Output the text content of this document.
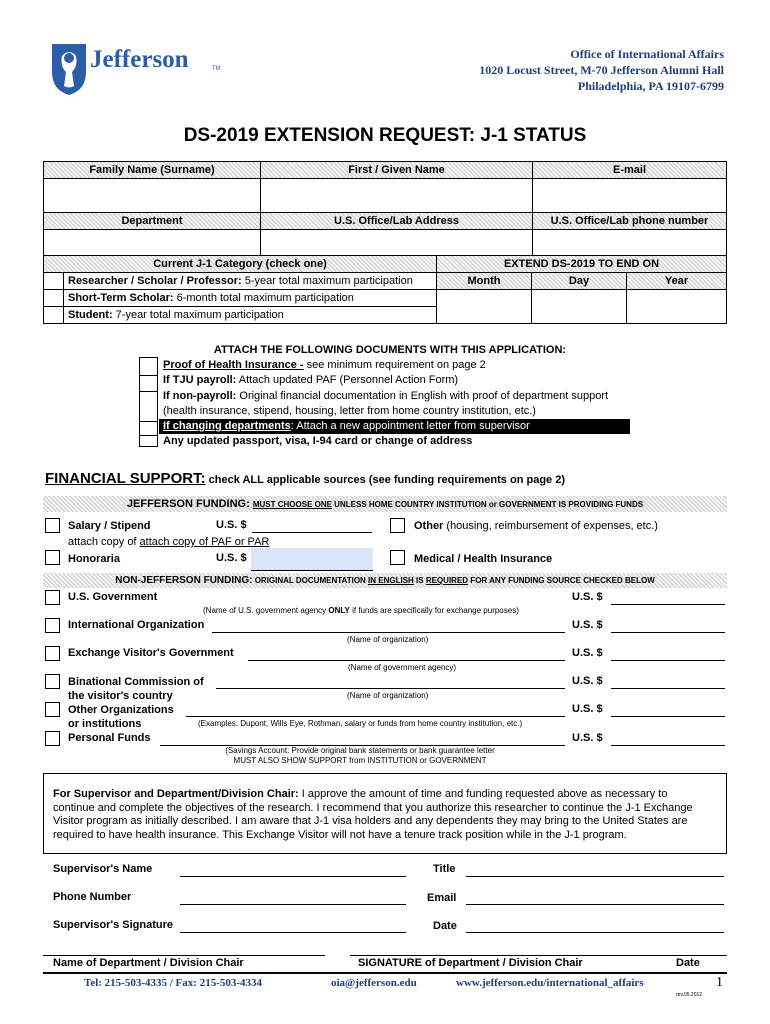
Jefferson	TM
Office of International Affairs
1020 Locust Street, M-70 Jefferson Alumni Hall
Philadelphia, PA 19107-6799
DS-2019 EXTENSION REQUEST: J-1 STATUS
Family Name (Surname)	First / Given Name	E-mail

Department	U.S. Office/Lab Address	U.S. Office/Lab phone number

Current J-1 Category (check one)		EXTEND DS-2019 TO END ON		
	Researcher / Scholar / Professor: 5-year total maximum participation	Month	Day	Year
	Short-Term Scholar: 6-month total maximum participation			
	Student: 7-year total maximum participation			
ATTACH THE FOLLOWING DOCUMENTS WITH THIS APPLICATION:
Proof of Health Insurance - see minimum requirement on page 2
If TJU payroll: Attach updated PAF (Personnel Action Form)
If non-payroll: Original financial documentation in English with proof of department support
(health insurance, stipend, housing, letter from home country institution, etc.)
If changing departments: Attach a new appointment letter from supervisor
Any updated passport, visa, I-94 card or change of address
FINANCIAL SUPPORT: check ALL applicable sources (see funding requirements on page 2)
JEFFERSON FUNDING: MUST CHOOSE ONE UNLESS HOME COUNTRY INSTITUTION or GOVERNMENT IS PROVIDING FUNDS
Salary / Stipend	U.S. $
attach copy of attach copy of PAF or PAR
Other (housing, reimbursement of expenses, etc.)
Honoraria	U.S. $	Medical / Health Insurance
NON-JEFFERSON FUNDING: ORIGINAL DOCUMENTATION IN ENGLISH IS REQUIRED FOR ANY FUNDING SOURCE CHECKED BELOW
U.S. Government	U.S. $
(Name of U.S. government agency ONLY if funds are specifically for exchange purposes)
International Organization	U.S. $
(Name of organization)
Exchange Visitor's Government	U.S. $
(Name of government agency)
Binational Commission of
the visitor's country
U.S. $
(Name of organization)
Other Organizations
or institutions
U.S. $
(Examples: Dupont, Wills Eye, Rothman, salary or funds from home country institution, etc.)
Personal Funds	U.S. $
(Savings Account: Provide original bank statements or bank guarantee letter
MUST ALSO SHOW SUPPORT from INSTITUTION or GOVERNMENT
For Supervisor and Department/Division Chair: I approve the amount of time and funding requested above as necessary to
continue and complete the objectives of the research. I recommend that you authorize this researcher to continue the J-1 Exchange
Visitor program as initially described. I am aware that J-1 visa holders and any dependents they may bring to the United States are
required to have health insurance. This Exchange Visitor will not have a tenure track position while in the J-1 program.
Supervisor's Name	Title
Phone Number	Email
Supervisor's Signature	Date
Name of Department / Division Chair	SIGNATURE of Department / Division Chair	Date
Tel: 215-503-4335 / Fax: 215-503-4334	oia@jefferson.edu	www.jefferson.edu/international_affairs	1
rev.05.2012
